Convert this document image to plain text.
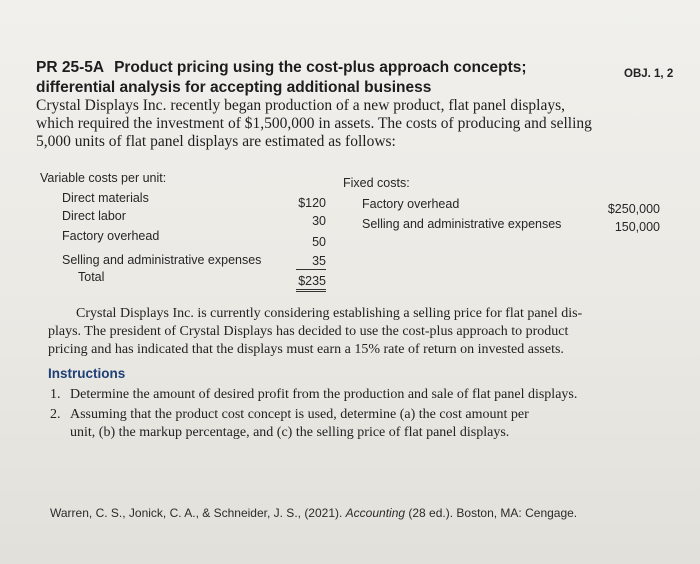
PR 25-5A Product pricing using the cost-plus approach concepts;
differential analysis for accepting additional business
OBJ. 1, 2
Crystal Displays Inc. recently began production of a new product, flat panel displays,
which required the investment of $1,500,000 in assets. The costs of producing and selling
5,000 units of flat panel displays are estimated as follows:
Variable costs per unit:
Direct materials	$120
Direct labor	30
Factory overhead	50
Selling and administrative expenses	35
Total	$235
Fixed costs:
Factory overhead	$250,000
Selling and administrative expenses	150,000
Crystal Displays Inc. is currently considering establishing a selling price for flat panel dis-
plays. The president of Crystal Displays has decided to use the cost-plus approach to product
pricing and has indicated that the displays must earn a 15% rate of return on invested assets.
Instructions
1. Determine the amount of desired profit from the production and sale of flat panel displays.
2. Assuming that the product cost concept is used, determine (a) the cost amount per
unit, (b) the markup percentage, and (c) the selling price of flat panel displays.
Warren, C. S., Jonick, C. A., & Schneider, J. S., (2021). Accounting (28 ed.). Boston, MA: Cengage.
